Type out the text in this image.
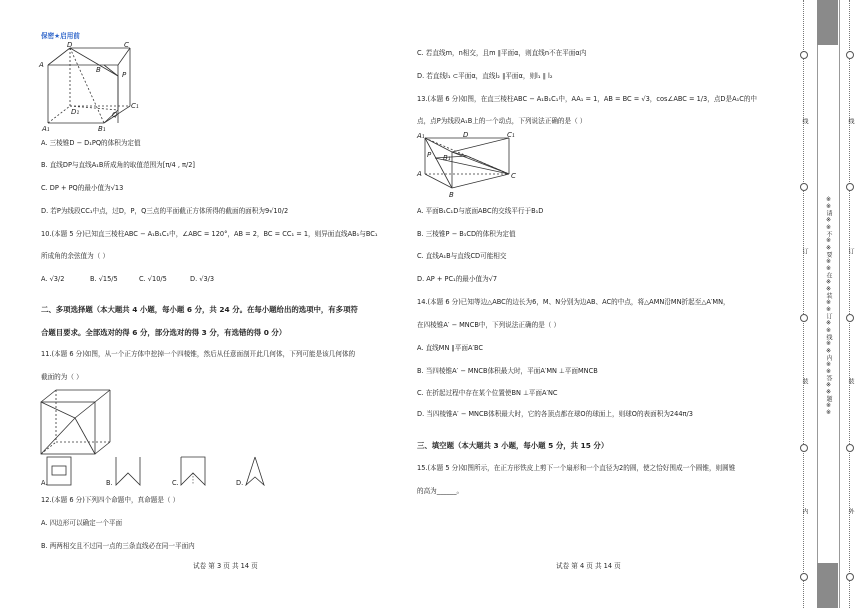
保密★启用前
D	C
A
B
P
D₁
C₁
Q
A₁	B₁
A. 三棱锥D − D₁PQ的体积为定值
B. 直线DP与直线A₁B所成角的取值范围为[π/4 , π/2]
C. DP + PQ的最小值为√13
D. 若P为线段CC₁中点，过D，P，Q三点的平面截正方体所得的截面的面积为9√10/2
10.(本题 5 分)已知直三棱柱ABC − A₁B₁C₁中，∠ABC = 120°，AB = 2，BC = CC₁ = 1，则异面直线AB₁与BC₁
所成角的余弦值为（ ）
A. √3/2	B. √15/5	C. √10/5	D. √3/3
二、多项选择题（本大题共 4 小题，每小题 6 分，共 24 分。在每小题给出的选项中，有多项符
合题目要求。全部选对的得 6 分，部分选对的得 3 分，有选错的得 0 分）
11.(本题 6 分)如图，从一个正方体中挖掉一个四棱锥，然后从任意面剖开此几何体，下列可能是该几何体的
截面的为（ ）
A.	B.	C.	D.
12.(本题 6 分)下列四个命题中，真命题是（ ）
A. 四边形可以确定一个平面
B. 两两相交且不过同一点的三条直线必在同一平面内
试卷 第 3 页 共 14 页
C. 若直线m，n相交，且m ∥平面α，则直线n不在平面α内
D. 若直线l₁ ⊂平面α，直线l₂ ∥平面α，则l₁ ∥ l₂
13.(本题 6 分)如图，在直三棱柱ABC − A₁B₁C₁中，AA₁ = 1，AB = BC = √3，cos∠ABC = 1/3，点D是A₁C的中
点，点P为线段A₁B上的一个动点，下列说法正确的是（ ）
A₁	D	C₁
B₁
P
A	C
B
A. 平面B₁C₁D与底面ABC的交线平行于B₁D
B. 三棱锥P − B₁CD的体积为定值
C. 直线A₁B与直线CD可能相交
D. AP + PC₁的最小值为√7
14.(本题 6 分)已知等边△ABC的边长为6，M、N分别为边AB、AC的中点，将△AMN沿MN折起至△A′MN，
在四棱锥A′ − MNCB中，下列说法正确的是（ ）
A. 直线MN ∥平面A′BC
B. 当四棱锥A′ − MNCB体积最大时，平面A′MN ⊥平面MNCB
C. 在折起过程中存在某个位置使BN ⊥平面A′NC
D. 当四棱锥A′ − MNCB体积最大时，它的各顶点都在球O的球面上，则球O的表面积为244π/3
三、填空题（本大题共 3 小题，每小题 5 分，共 15 分）
15.(本题 5 分)如图所示，在正方形铁皮上剪下一个扇形和一个直径为2的圆，使之恰好围成一个圆锥，则圆锥
的高为______。
试卷 第 4 页 共 14 页
线
订
装
内
※※请※※不※※要※※在※※装※※订※※线※※内※※答※※题※※
线
订
装
外
